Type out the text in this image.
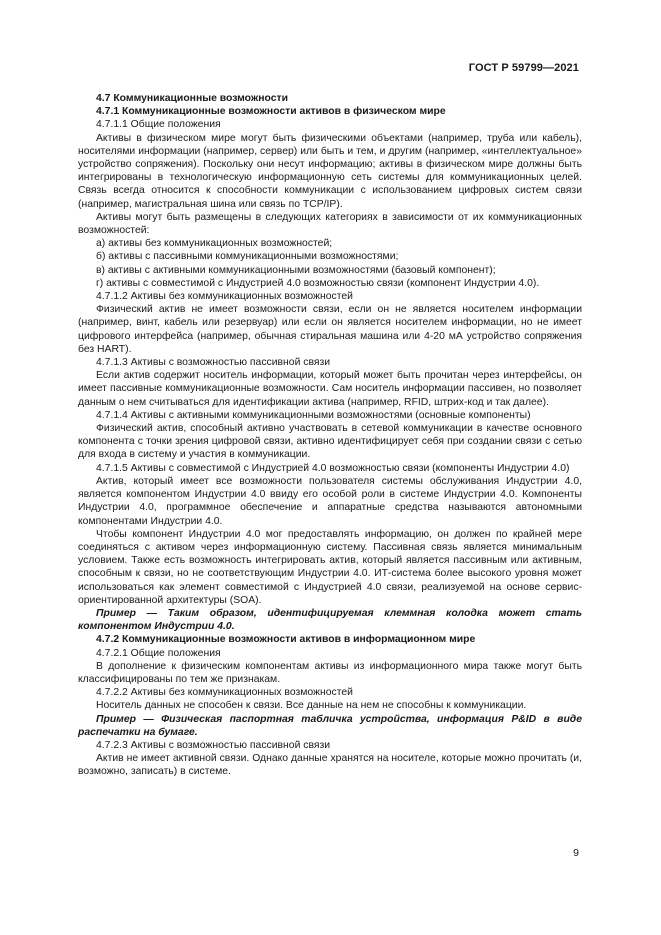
ГОСТ Р 59799—2021

4.7 Коммуникационные возможности

4.7.1 Коммуникационные возможности активов в физическом мире

4.7.1.1 Общие положения

Активы в физическом мире могут быть физическими объектами (например, труба или кабель), носителями информации (например, сервер) или быть и тем, и другим (например, «интеллектуальное» устройство сопряжения). Поскольку они несут информацию; активы в физическом мире должны быть интегрированы в технологическую информационную сеть системы для коммуникационных целей. Связь всегда относится к способности коммуникации с использованием цифровых систем связи (например, магистральная шина или связь по TCP/IP).

Активы могут быть размещены в следующих категориях в зависимости от их коммуникационных возможностей:

а) активы без коммуникационных возможностей;

б) активы с пассивными коммуникационными возможностями;

в) активы с активными коммуникационными возможностями (базовый компонент);

г) активы с совместимой с Индустрией 4.0 возможностью связи (компонент Индустрии 4.0).

4.7.1.2 Активы без коммуникационных возможностей

Физический актив не имеет возможности связи, если он не является носителем информации (например, винт, кабель или резервуар) или если он является носителем информации, но не имеет цифрового интерфейса (например, обычная стиральная машина или 4-20 мА устройство сопряжения без HART).

4.7.1.3 Активы с возможностью пассивной связи

Если актив содержит носитель информации, который может быть прочитан через интерфейсы, он имеет пассивные коммуникационные возможности. Сам носитель информации пассивен, но позволяет данным о нем считываться для идентификации актива (например, RFID, штрих-код и так далее).

4.7.1.4 Активы с активными коммуникационными возможностями (основные компоненты)

Физический актив, способный активно участвовать в сетевой коммуникации в качестве основного компонента с точки зрения цифровой связи, активно идентифицирует себя при создании связи с сетью для входа в систему и участия в коммуникации.

4.7.1.5 Активы с совместимой с Индустрией 4.0 возможностью связи (компоненты Индустрии 4.0)

Актив, который имеет все возможности пользователя системы обслуживания Индустрии 4.0, является компонентом Индустрии 4.0 ввиду его особой роли в системе Индустрии 4.0. Компоненты Индустрии 4.0, программное обеспечение и аппаратные средства называются автономными компонентами Индустрии 4.0.

Чтобы компонент Индустрии 4.0 мог предоставлять информацию, он должен по крайней мере соединяться с активом через информационную систему. Пассивная связь является минимальным условием. Также есть возможность интегрировать актив, который является пассивным или активным, способным к связи, но не соответствующим Индустрии 4.0. ИТ-система более высокого уровня может использоваться как элемент совместимой с Индустрией 4.0 связи, реализуемой на основе сервис-ориентированной архитектуры (SOA).

Пример — Таким образом, идентифицируемая клеммная колодка может стать компонентом Индустрии 4.0.

4.7.2 Коммуникационные возможности активов в информационном мире

4.7.2.1 Общие положения

В дополнение к физическим компонентам активы из информационного мира также могут быть классифицированы по тем же признакам.

4.7.2.2 Активы без коммуникационных возможностей

Носитель данных не способен к связи. Все данные на нем не способны к коммуникации.

Пример — Физическая паспортная табличка устройства, информация P&ID в виде распечатки на бумаге.

4.7.2.3 Активы с возможностью пассивной связи

Актив не имеет активной связи. Однако данные хранятся на носителе, которые можно прочитать (и, возможно, записать) в системе.

9
